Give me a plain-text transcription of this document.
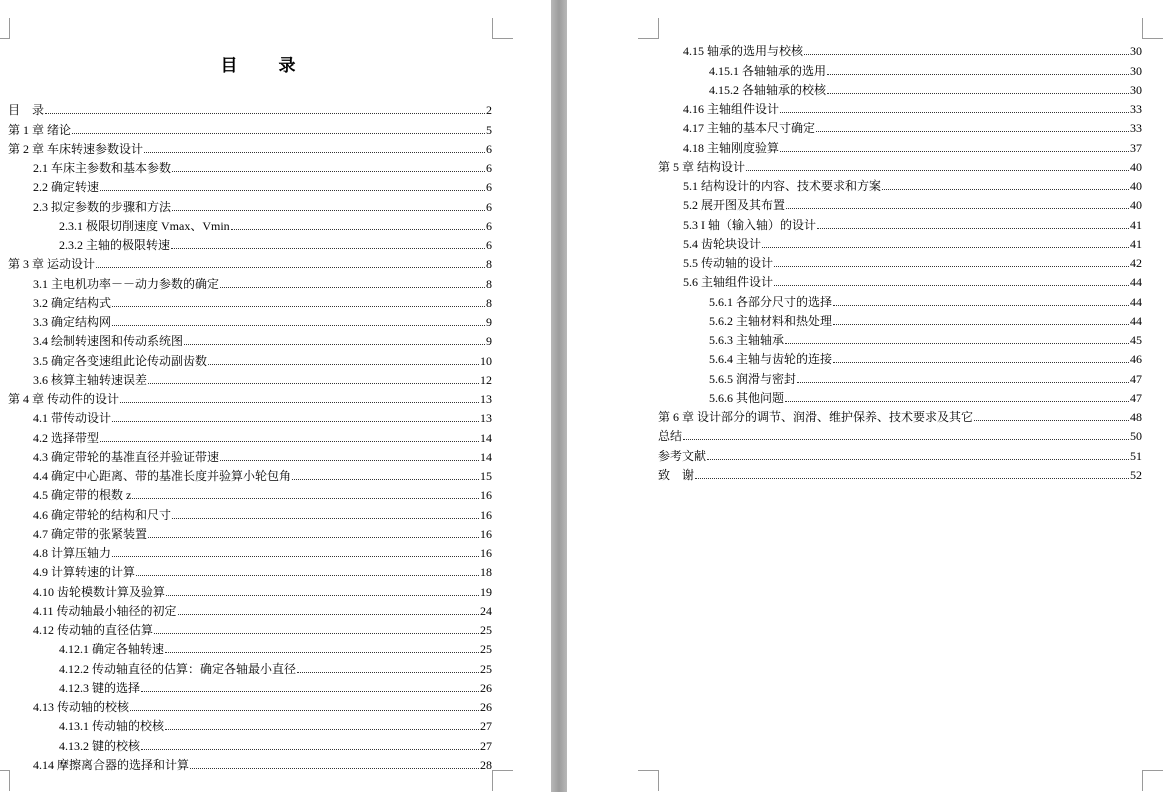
目　录
目　录	2
第 1 章 绪论	5
第 2 章 车床转速参数设计	6
2.1 车床主参数和基本参数	6
2.2 确定转速	6
2.3 拟定参数的步骤和方法	6
2.3.1 极限切削速度 Vmax、Vmin	6
2.3.2 主轴的极限转速	6
第 3 章 运动设计	8
3.1 主电机功率－－动力参数的确定	8
3.2 确定结构式	8
3.3 确定结构网	9
3.4 绘制转速图和传动系统图	9
3.5 确定各变速组此论传动副齿数	10
3.6 核算主轴转速误差	12
第 4 章 传动件的设计	13
4.1 带传动设计	13
4.2 选择带型	14
4.3 确定带轮的基准直径并验证带速	14
4.4 确定中心距离、带的基准长度并验算小轮包角	15
4.5 确定带的根数 z	16
4.6 确定带轮的结构和尺寸	16
4.7 确定带的张紧装置	16
4.8 计算压轴力	16
4.9 计算转速的计算	18
4.10 齿轮模数计算及验算	19
4.11 传动轴最小轴径的初定	24
4.12 传动轴的直径估算	25
4.12.1 确定各轴转速	25
4.12.2 传动轴直径的估算：确定各轴最小直径	25
4.12.3 键的选择	26
4.13 传动轴的校核	26
4.13.1 传动轴的校核	27
4.13.2 键的校核	27
4.14 摩擦离合器的选择和计算	28
4.15 轴承的选用与校核	30
4.15.1 各轴轴承的选用	30
4.15.2 各轴轴承的校核	30
4.16 主轴组件设计	33
4.17 主轴的基本尺寸确定	33
4.18 主轴刚度验算	37
第 5 章 结构设计	40
5.1 结构设计的内容、技术要求和方案	40
5.2 展开图及其布置	40
5.3 I 轴（输入轴）的设计	41
5.4 齿轮块设计	41
5.5 传动轴的设计	42
5.6 主轴组件设计	44
5.6.1 各部分尺寸的选择	44
5.6.2 主轴材料和热处理	44
5.6.3 主轴轴承	45
5.6.4 主轴与齿轮的连接	46
5.6.5 润滑与密封	47
5.6.6 其他问题	47
第 6 章 设计部分的调节、润滑、维护保养、技术要求及其它	48
总结	50
参考文献	51
致　谢	52
